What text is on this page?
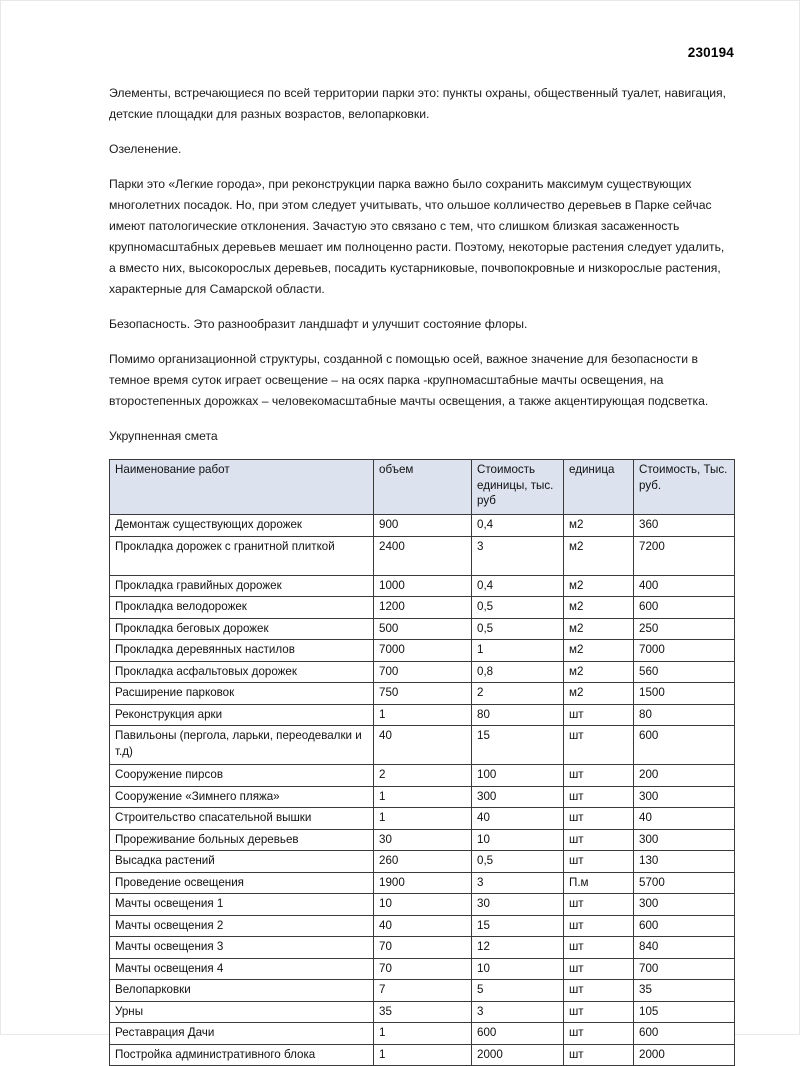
230194

Элементы, встречающиеся по всей территории парки это: пункты охраны, общественный туалет, навигация, детские площадки для разных возрастов, велопарковки.

Озеленение.

Парки это «Легкие города», при реконструкции парка важно было сохранить максимум существующих многолетних посадок. Но, при этом следует учитывать, что ольшое колличество деревьев в Парке сейчас имеют патологические отклонения. Зачастую это связано с тем, что слишком близкая засаженность крупномасштабных деревьев мешает им полноценно расти. Поэтому, некоторые растения следует удалить, а вместо них, высокорослых деревьев, посадить кустарниковые, почвопокровные и низкорослые растения, характерные для Самарской области.

Безопасность. Это разнообразит ландшафт и улучшит состояние флоры.

Помимо организационной структуры, созданной с помощью осей, важное значение для безопасности в темное время суток играет освещение – на осях парка -крупномасштабные мачты освещения, на второстепенных дорожках – человекомасштабные мачты освещения, а также акцентирующая подсветка.

Укрупненная смета
Наименование работ	объем	Стоимость единицы, тыс. руб	единица	Стоимость, Тыс. руб.
Демонтаж существующих дорожек	900	0,4	м2	360
Прокладка дорожек с гранитной плиткой	2400	3	м2	7200
Прокладка гравийных дорожек	1000	0,4	м2	400
Прокладка велодорожек	1200	0,5	м2	600
Прокладка беговых дорожек	500	0,5	м2	250
Прокладка деревянных настилов	7000	1	м2	7000
Прокладка асфальтовых дорожек	700	0,8	м2	560
Расширение парковок	750	2	м2	1500
Реконструкция арки	1	80	шт	80
Павильоны (пергола, ларьки, переодевалки и т.д)	40	15	шт	600
Сооружение пирсов	2	100	шт	200
Сооружение «Зимнего пляжа»	1	300	шт	300
Строительство спасательной вышки	1	40	шт	40
Прореживание больных деревьев	30	10	шт	300
Высадка растений	260	0,5	шт	130
Проведение освещения	1900	3	П.м	5700
Мачты освещения 1	10	30	шт	300
Мачты освещения 2	40	15	шт	600
Мачты освещения 3	70	12	шт	840
Мачты освещения 4	70	10	шт	700
Велопарковки	7	5	шт	35
Урны	35	3	шт	105
Реставрация Дачи	1	600	шт	600
Постройка административного блока	1	2000	шт	2000
